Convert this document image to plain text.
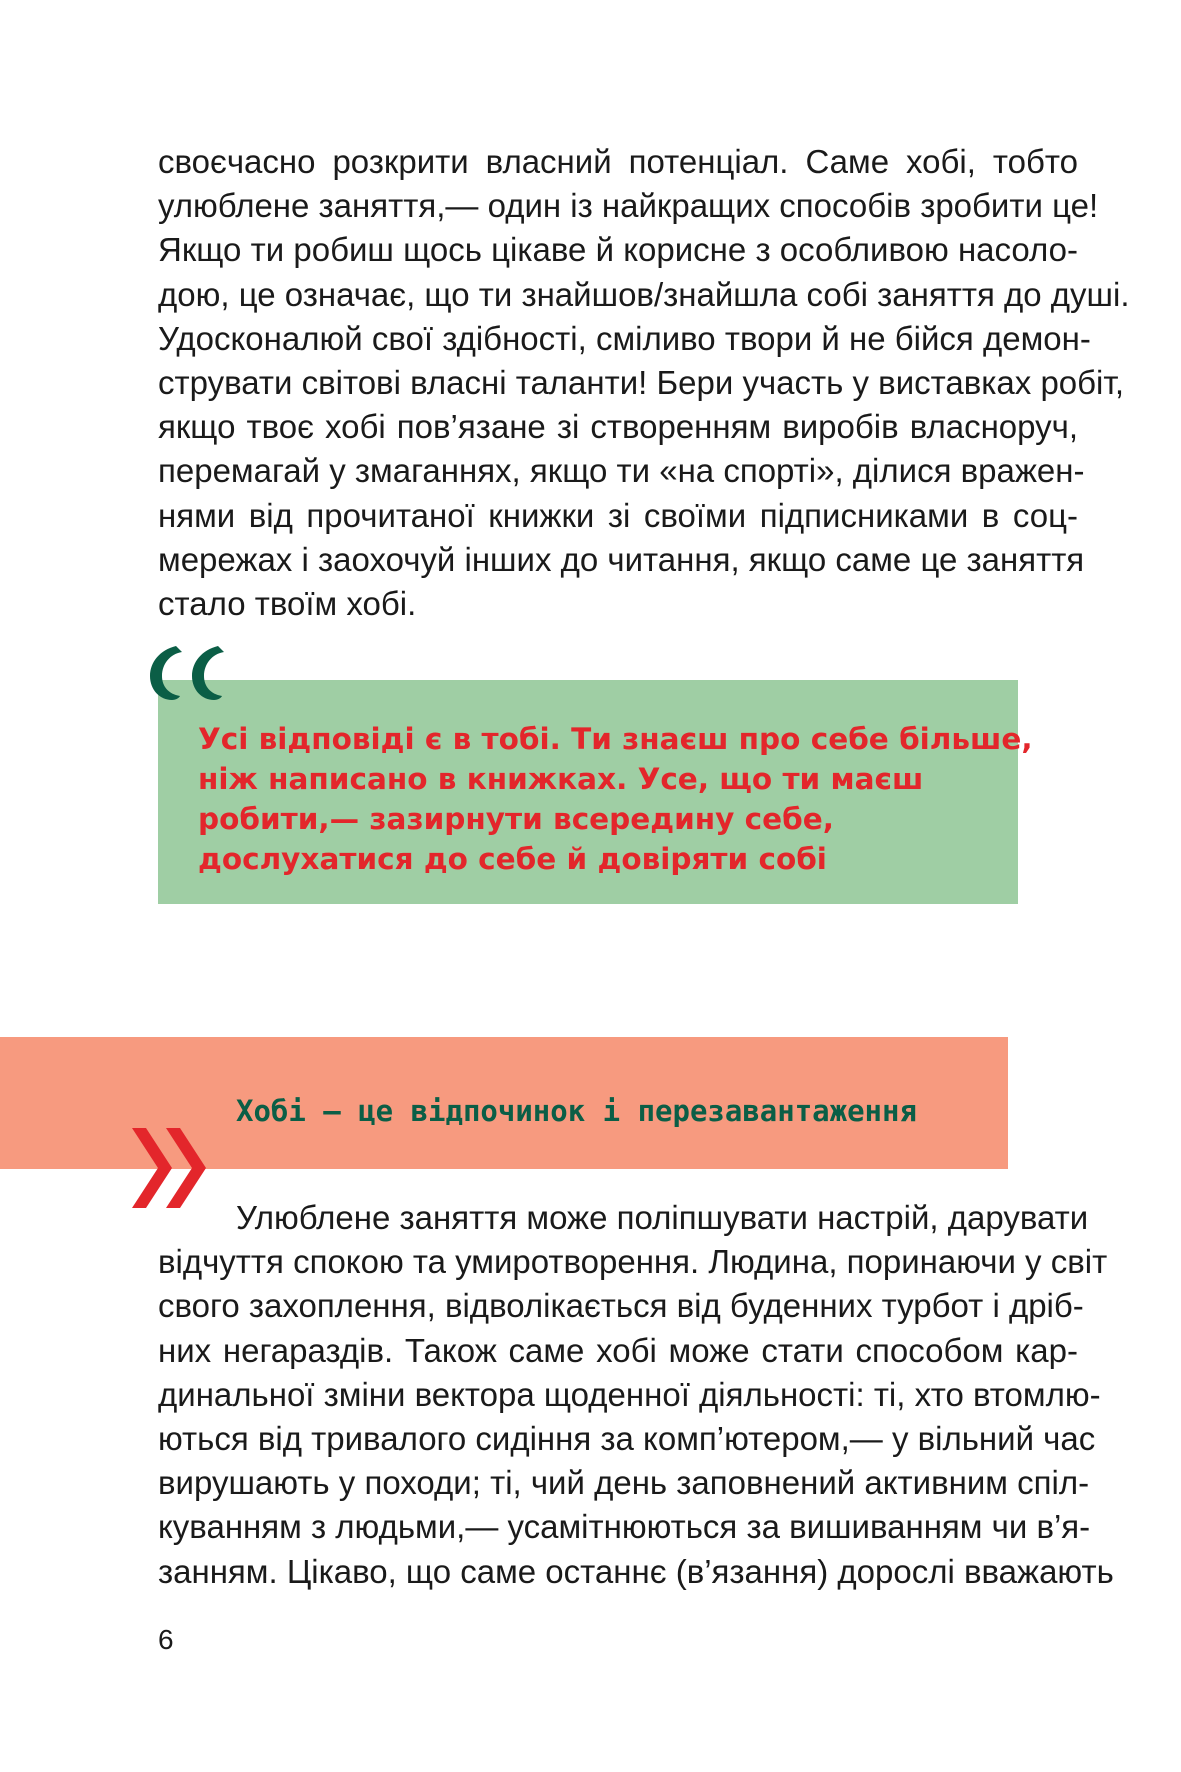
своєчасно розкрити власний потенціал. Саме хобі, тобто
улюблене заняття,— один із найкращих способів зробити це!
Якщо ти робиш щось цікаве й корисне з особливою насоло-
дою, це означає, що ти знайшов/знайшла собі заняття до душі.
Удосконалюй свої здібності, сміливо твори й не бійся демон-
струвати світові власні таланти! Бери участь у виставках робіт,
якщо твоє хобі пов’язане зі створенням виробів власноруч,
перемагай у змаганнях, якщо ти «на спорті», ділися вражен-
нями від прочитаної книжки зі своїми підписниками в соц-
мережах і заохочуй інших до читання, якщо саме це заняття
стало твоїм хобі.

Усі відповіді є в тобі. Ти знаєш про себе більше,
ніж написано в книжках. Усе, що ти маєш
робити,— зазирнути всередину себе,
дослухатися до себе й довіряти собі

Хобі — це відпочинок і перезавантаження

Улюблене заняття може поліпшувати настрій, дарувати
відчуття спокою та умиротворення. Людина, поринаючи у світ
свого захоплення, відволікається від буденних турбот і дріб-
них негараздів. Також саме хобі може стати способом кар-
динальної зміни вектора щоденної діяльності: ті, хто втомлю-
ються від тривалого сидіння за комп’ютером,— у вільний час
вирушають у походи; ті, чий день заповнений активним спіл-
куванням з людьми,— усамітнюються за вишиванням чи в’я-
занням. Цікаво, що саме останнє (в’язання) дорослі вважають

6
